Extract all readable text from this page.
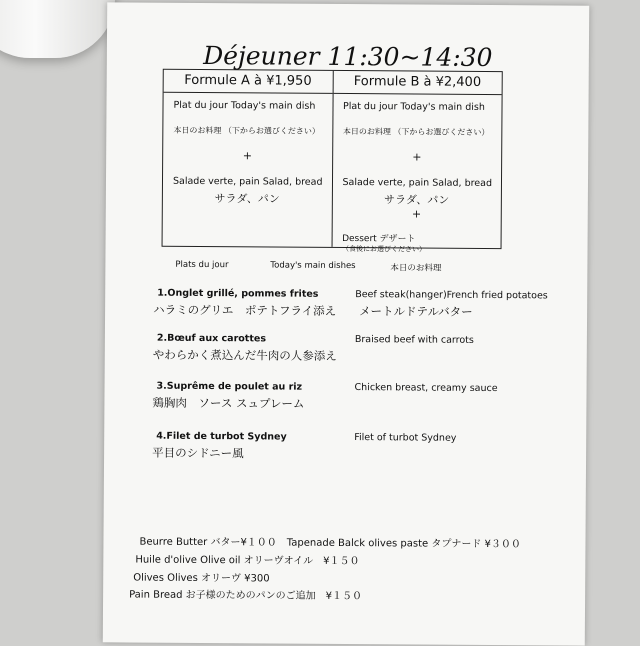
Déjeuner 11:30~14:30
Formule A à ¥1,950
Plat du jour Today's main dish
本日のお料理 （下からお選びください）
+
Salade verte, pain Salad, bread
サラダ、パン
Formule B à ¥2,400
Plat du jour Today's main dish
本日のお料理 （下からお選びください）
+
Salade verte, pain Salad, bread
サラダ、パン
+
Dessert デザート （食後にお選びください）
Plats du jour	Today's main dishes	本日のお料理
1.Onglet grillé, pommes frites
ハラミのグリエ　ポテトフライ添え
Beef steak(hanger)French fried potatoes
メートルドテルバター
2.Bœuf aux carottes
やわらかく煮込んだ牛肉の人参添え
Braised beef with carrots
3.Suprême de poulet au riz
鶏胸肉　ソース スュプレーム
Chicken breast, creamy sauce
4.Filet de turbot Sydney
平目のシドニー風
Filet of turbot Sydney
Beurre Butter バター¥１００　Tapenade Balck olives paste タプナード ¥３００
Huile d'olive Olive oil オリーヴオイル　¥１５０
Olives Olives オリーヴ ¥300
Pain Bread お子様のためのパンのご追加　¥１５０
